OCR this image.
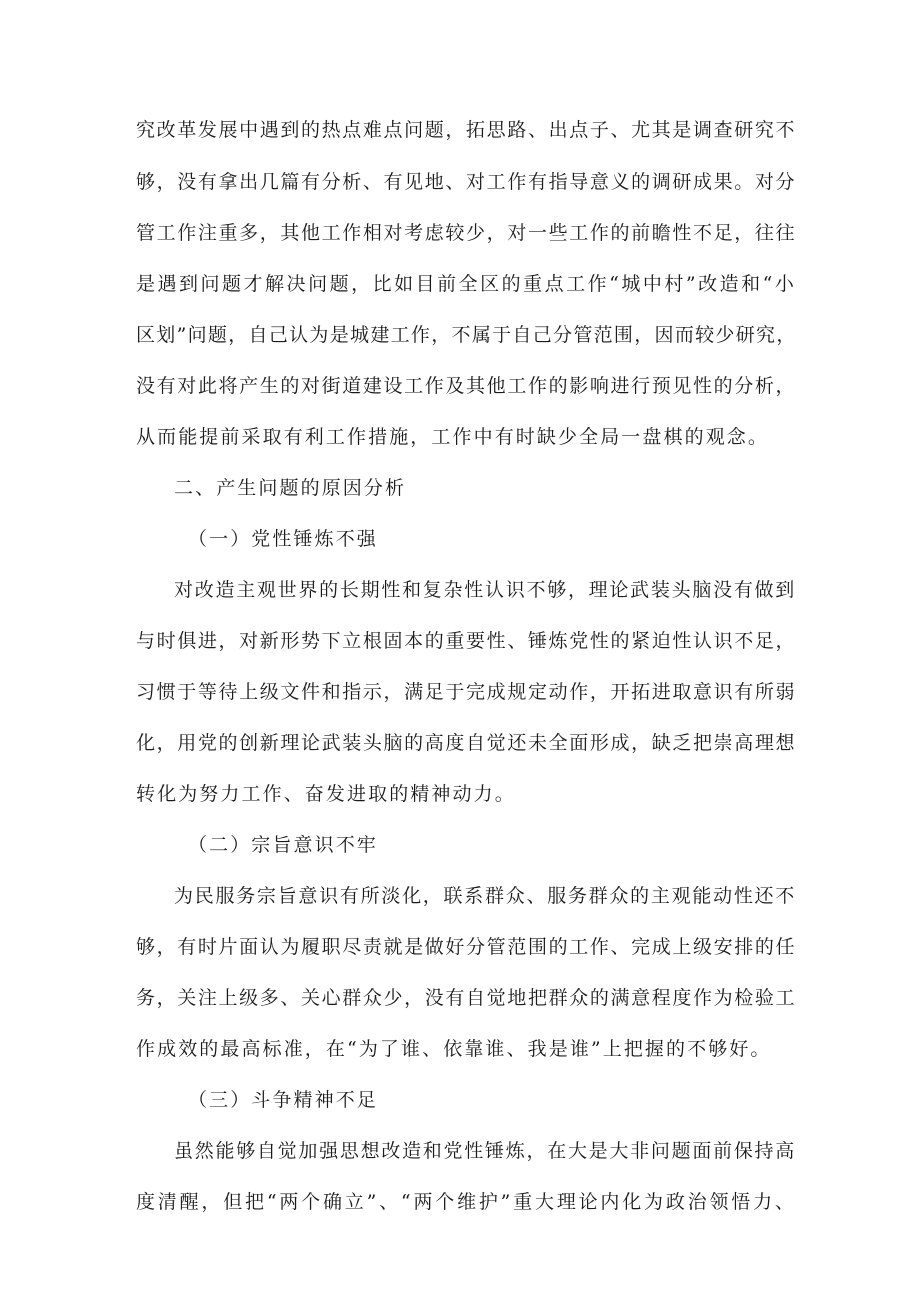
究改革发展中遇到的热点难点问题，拓思路、出点子、尤其是调查研究不
够，没有拿出几篇有分析、有见地、对工作有指导意义的调研成果。对分
管工作注重多，其他工作相对考虑较少，对一些工作的前瞻性不足，往往
是遇到问题才解决问题，比如目前全区的重点工作“城中村”改造和“小
区划”问题，自己认为是城建工作，不属于自己分管范围，因而较少研究，
没有对此将产生的对街道建设工作及其他工作的影响进行预见性的分析，
从而能提前采取有利工作措施，工作中有时缺少全局一盘棋的观念。
二、产生问题的原因分析
（一）党性锤炼不强
对改造主观世界的长期性和复杂性认识不够，理论武装头脑没有做到
与时俱进，对新形势下立根固本的重要性、锤炼党性的紧迫性认识不足，
习惯于等待上级文件和指示，满足于完成规定动作，开拓进取意识有所弱
化，用党的创新理论武装头脑的高度自觉还未全面形成，缺乏把崇高理想
转化为努力工作、奋发进取的精神动力。
（二）宗旨意识不牢
为民服务宗旨意识有所淡化，联系群众、服务群众的主观能动性还不
够，有时片面认为履职尽责就是做好分管范围的工作、完成上级安排的任
务，关注上级多、关心群众少，没有自觉地把群众的满意程度作为检验工
作成效的最高标准，在“为了谁、依靠谁、我是谁”上把握的不够好。
（三）斗争精神不足
虽然能够自觉加强思想改造和党性锤炼，在大是大非问题面前保持高
度清醒，但把“两个确立”、“两个维护”重大理论内化为政治领悟力、
